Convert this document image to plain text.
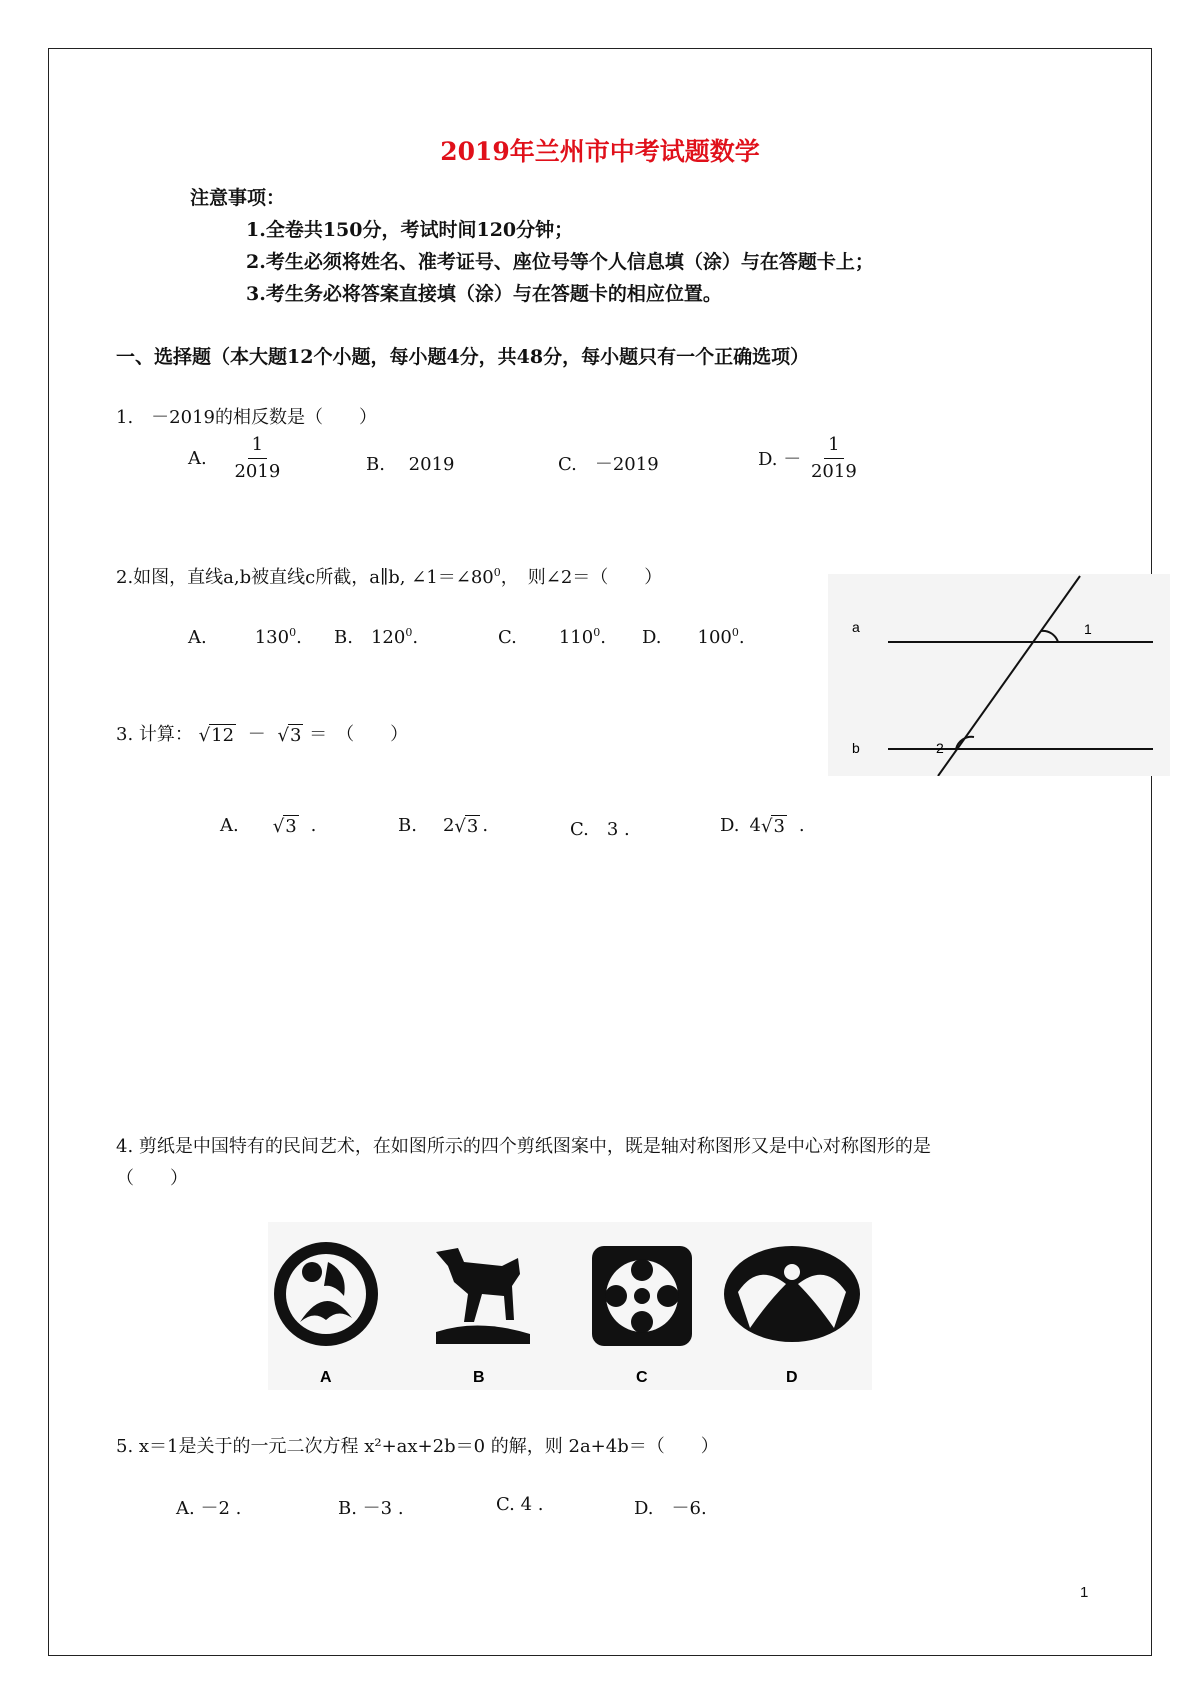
2019年兰州市中考试题数学
注意事项：
1.全卷共150分，考试时间120分钟；
2.考生必须将姓名、准考证号、座位号等个人信息填（涂）与在答题卡上；
3.考生务必将答案直接填（涂）与在答题卡的相应位置。
一、选择题（本大题12个小题，每小题4分，共48分，每小题只有一个正确选项）
1.　－2019的相反数是（　　）
A. $\frac{1}{2019}$	B.　 2019	C.　－2019	D. － $\frac{1}{2019}$
2.如图，直线a,b被直线c所截，a∥b, $\angle 1=\angle 80^0$，　则∠2＝（　　）
A.	$130^0$. B. $120^0$.	C. $110^0$. D. $100^0$.	a
b
1
2
3. 计算： √12 － √3 ＝　（　　）
A. √3 .	B. 2√3 .	C.　3 .	D. 4√3 .
4. 剪纸是中国特有的民间艺术，在如图所示的四个剪纸图案中，既是轴对称图形又是中心对称图形的是
（　　）
A	B	C	D
5. x＝1是关于的一元二次方程 x²+ax+2b＝0 的解，则 2a+4b＝（　　）
A. －2 .	B. －3 .	C. 4 .	D.　－6.
1
